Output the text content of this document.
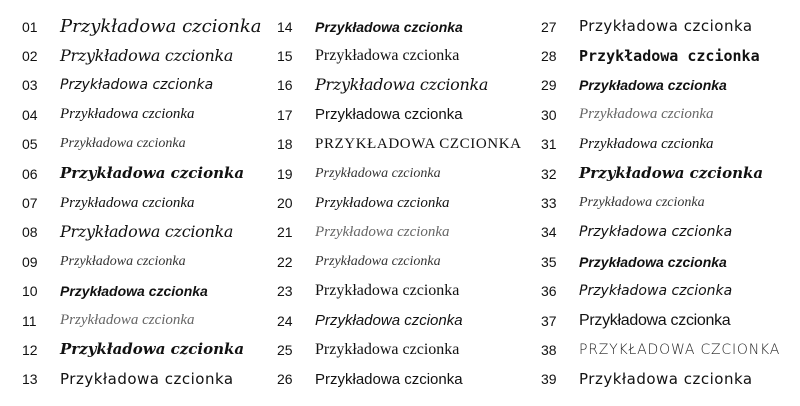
01	Przykładowa czcionka
02	Przykładowa czcionka
03	Przykładowa czcionka
04	Przykładowa czcionka
05	Przykładowa czcionka
06	Przykładowa czcionka
07	Przykładowa czcionka
08	Przykładowa czcionka
09	Przykładowa czcionka
10	Przykładowa czcionka
11	Przykładowa czcionka
12	Przykładowa czcionka
13	Przykładowa czcionka
14	Przykładowa czcionka
15	Przykładowa czcionka
16	Przykładowa czcionka
17	Przykładowa czcionka
18	PRZYKŁADOWA CZCIONKA
19	Przykładowa czcionka
20	Przykładowa czcionka
21	Przykładowa czcionka
22	Przykładowa czcionka
23	Przykładowa czcionka
24	Przykładowa czcionka
25	Przykładowa czcionka
26	Przykładowa czcionka
27	Przykładowa czcionka
28	Przykładowa czcionka
29	Przykładowa czcionka
30	Przykładowa czcionka
31	Przykładowa czcionka
32	Przykładowa czcionka
33	Przykładowa czcionka
34	Przykładowa czcionka
35	Przykładowa czcionka
36	Przykładowa czcionka
37	Przykładowa czcionka
38	PRZYKŁADOWA CZCIONKA
39	Przykładowa czcionka
